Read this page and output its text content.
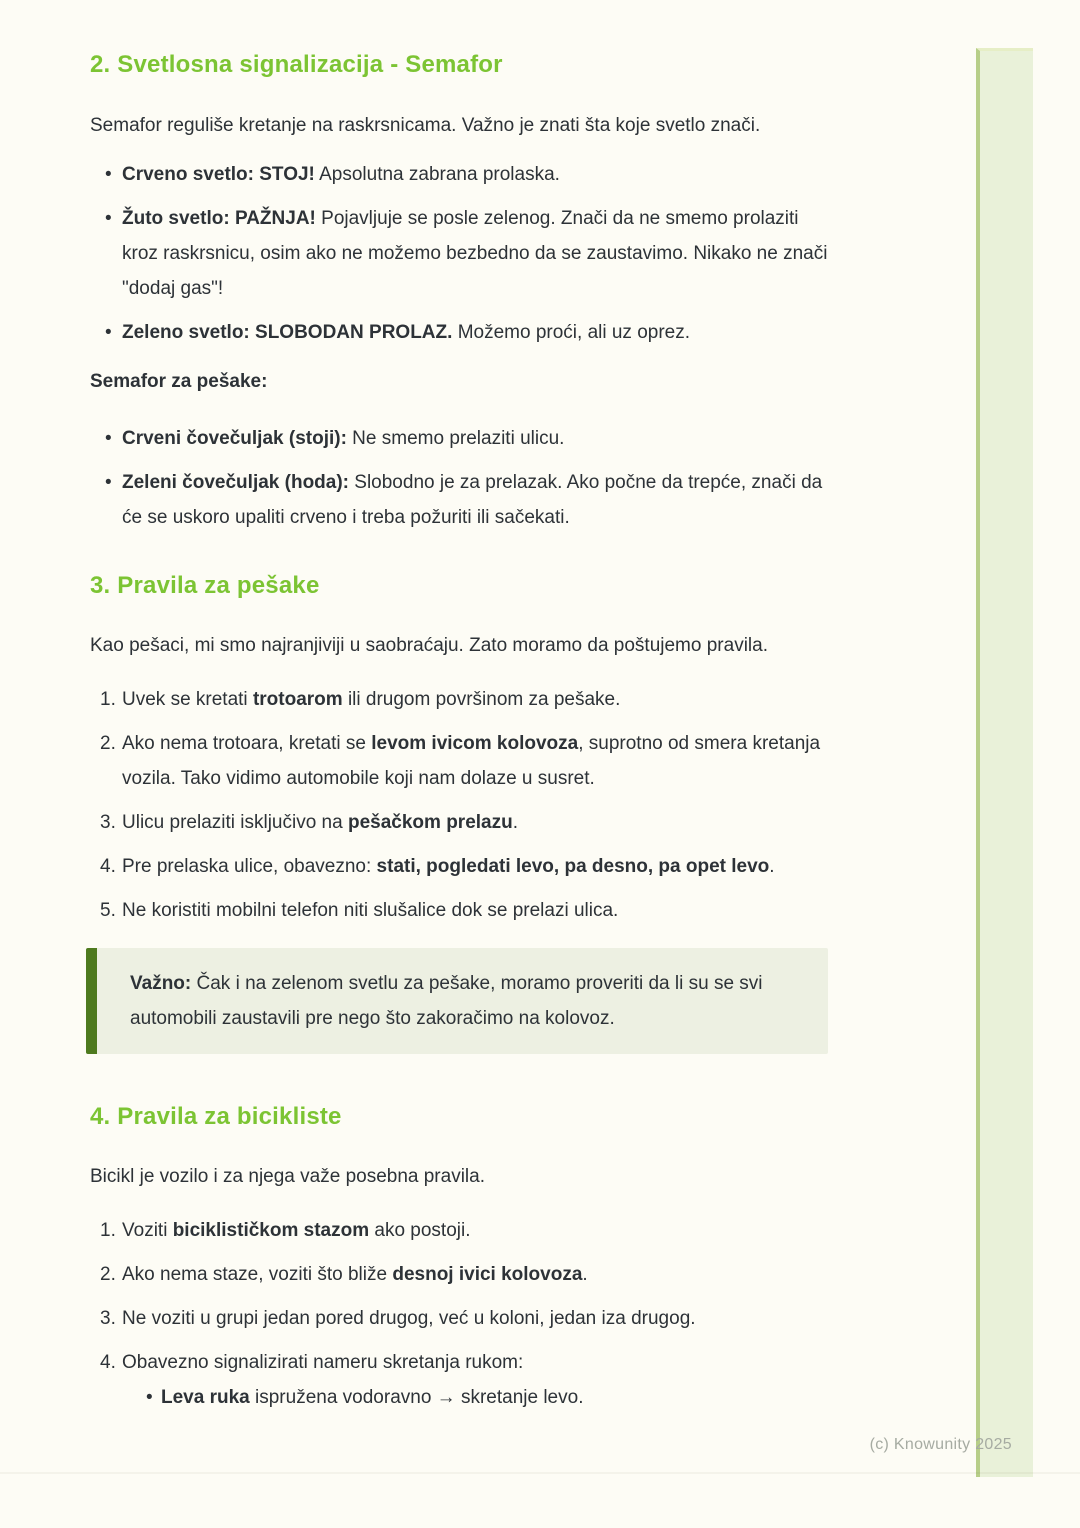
(c) Knowunity 2025
2. Svetlosna signalizacija - Semafor

Semafor reguliše kretanje na raskrsnicama. Važno je znati šta koje svetlo znači.

• Crveno svetlo: STOJ! Apsolutna zabrana prolaska.
• Žuto svetlo: PAŽNJA! Pojavljuje se posle zelenog. Znači da ne smemo prolaziti kroz raskrsnicu, osim ako ne možemo bezbedno da se zaustavimo. Nikako ne znači "dodaj gas"!
• Zeleno svetlo: SLOBODAN PROLAZ. Možemo proći, ali uz oprez.

Semafor za pešake:

• Crveni čovečuljak (stoji): Ne smemo prelaziti ulicu.
• Zeleni čovečuljak (hoda): Slobodno je za prelazak. Ako počne da trepće, znači da će se uskoro upaliti crveno i treba požuriti ili sačekati.
3. Pravila za pešake

Kao pešaci, mi smo najranjiviji u saobraćaju. Zato moramo da poštujemo pravila.

1. Uvek se kretati trotoarom ili drugom površinom za pešake.
2. Ako nema trotoara, kretati se levom ivicom kolovoza, suprotno od smera kretanja vozila. Tako vidimo automobile koji nam dolaze u susret.
3. Ulicu prelaziti isključivo na pešačkom prelazu.
4. Pre prelaska ulice, obavezno: stati, pogledati levo, pa desno, pa opet levo.
5. Ne koristiti mobilni telefon niti slušalice dok se prelazi ulica.
Važno: Čak i na zelenom svetlu za pešake, moramo proveriti da li su se svi automobili zaustavili pre nego što zakoračimo na kolovoz.
4. Pravila za bicikliste

Bicikl je vozilo i za njega važe posebna pravila.

1. Voziti biciklističkom stazom ako postoji.
2. Ako nema staze, voziti što bliže desnoj ivici kolovoza.
3. Ne voziti u grupi jedan pored drugog, već u koloni, jedan iza drugog.
4. Obavezno signalizirati nameru skretanja rukom:
• Leva ruka ispružena vodoravno → skretanje levo.
